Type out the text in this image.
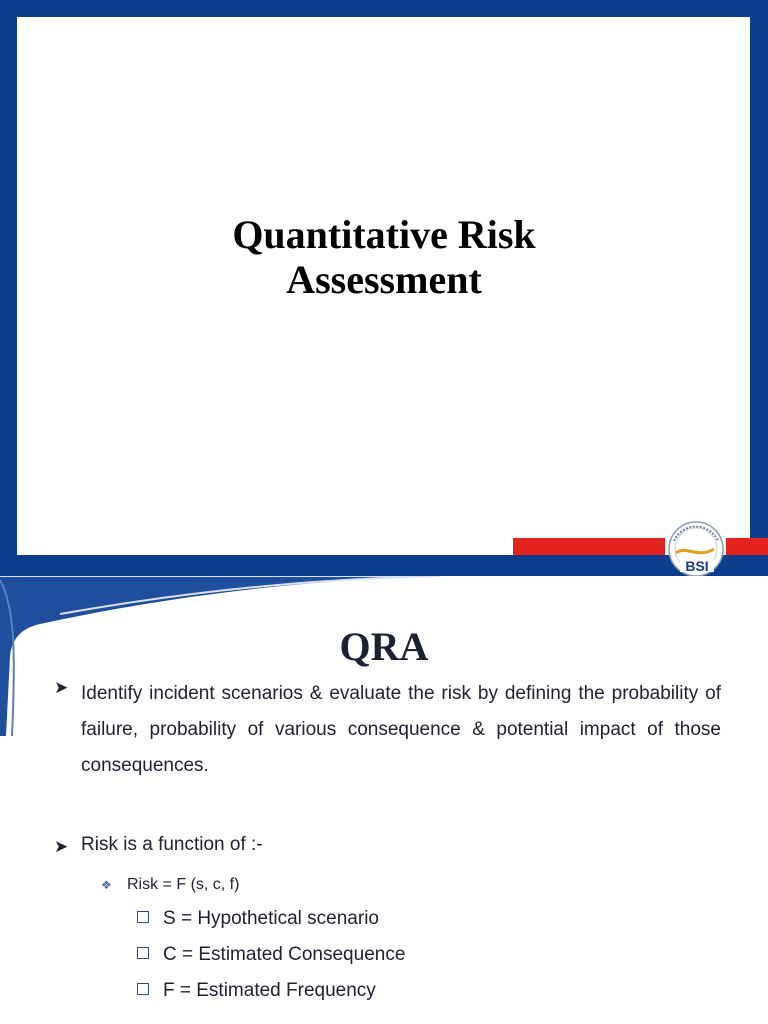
Quantitative Risk
Assessment
BSI
QRA
➤ Identify incident scenarios & evaluate the risk by defining the probability of failure, probability of various consequence & potential impact of those consequences.
➤ Risk is a function of :-
❖ Risk = F (s, c, f)
S = Hypothetical scenario
C = Estimated Consequence
F = Estimated Frequency
